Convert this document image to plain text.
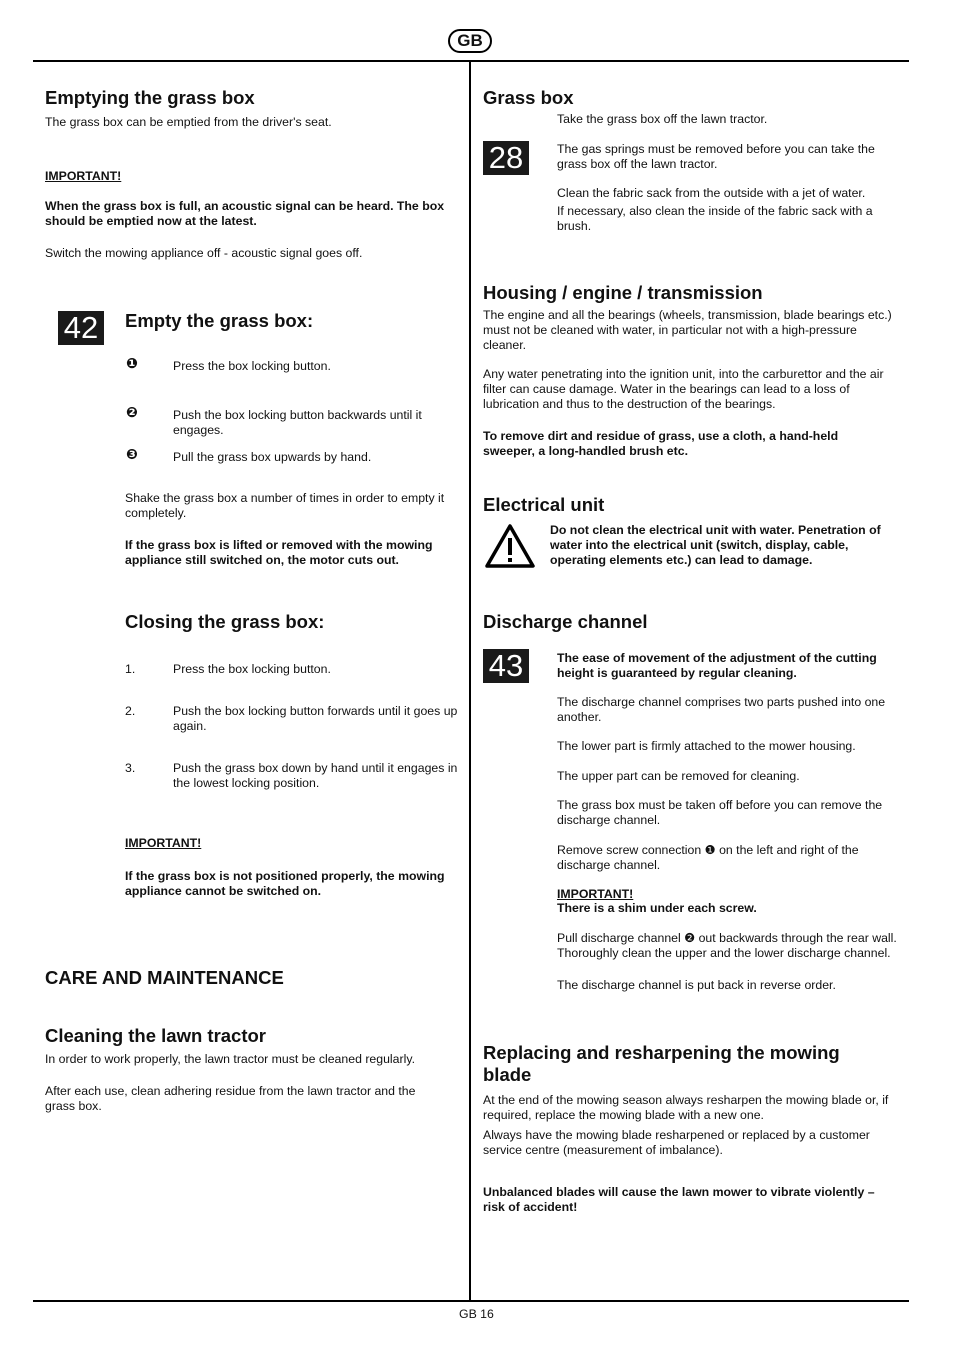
GB
Emptying the grass box

The grass box can be emptied from the driver's seat.

IMPORTANT!

When the grass box is full, an acoustic signal can be heard. The box should be emptied now at the latest.

Switch the mowing appliance off - acoustic signal goes off.

42	Empty the grass box:
❶	Press the box locking button.

❷	Push the box locking button backwards until it engages.

❸	Pull the grass box upwards by hand.

Shake the grass box a number of times in order to empty it completely.

If the grass box is lifted or removed with the mowing appliance still switched on, the motor cuts out.

Closing the grass box:

1.	Press the box locking button.

2.	Push the box locking button forwards until it goes up again.

3.	Push the grass box down by hand until it engages in the lowest locking position.

IMPORTANT!

If the grass box is not positioned properly, the mowing appliance cannot be switched on.

CARE AND MAINTENANCE
Cleaning the lawn tractor

In order to work properly, the lawn tractor must be cleaned regularly.

After each use, clean adhering residue from the lawn tractor and the grass box.

Grass box
28

Take the grass box off the lawn tractor.

The gas springs must be removed before you can take the grass box off the lawn tractor.

Clean the fabric sack from the outside with a jet of water.

If necessary, also clean the inside of the fabric sack with a brush.

Housing / engine / transmission

The engine and all the bearings (wheels, transmission, blade bearings etc.) must not be cleaned with water, in particular not with a high-pressure cleaner.

Any water penetrating into the ignition unit, into the carburettor and the air filter can cause damage. Water in the bearings can lead to a loss of lubrication and thus to the destruction of the bearings.

To remove dirt and residue of grass, use a cloth, a hand-held sweeper, a long-handled brush etc.

Electrical unit

Do not clean the electrical unit with water. Penetration of water into the electrical unit (switch, display, cable, operating elements etc.) can lead to damage.

Discharge channel
43	The ease of movement of the adjustment of the cutting height is guaranteed by regular cleaning.

The discharge channel comprises two parts pushed into one another.

The lower part is firmly attached to the mower housing.

The upper part can be removed for cleaning.

The grass box must be taken off before you can remove the discharge channel.

Remove screw connection ❶ on the left and right of the discharge channel.

IMPORTANT!

There is a shim under each screw.

Pull discharge channel ❷ out backwards through the rear wall. Thoroughly clean the upper and the lower discharge channel.

The discharge channel is put back in reverse order.

Replacing and resharpening the mowing blade

At the end of the mowing season always resharpen the mowing blade or, if required, replace the mowing blade with a new one.

Always have the mowing blade resharpened or replaced by a customer service centre (measurement of imbalance).

Unbalanced blades will cause the lawn mower to vibrate violently – risk of accident!

GB 16
